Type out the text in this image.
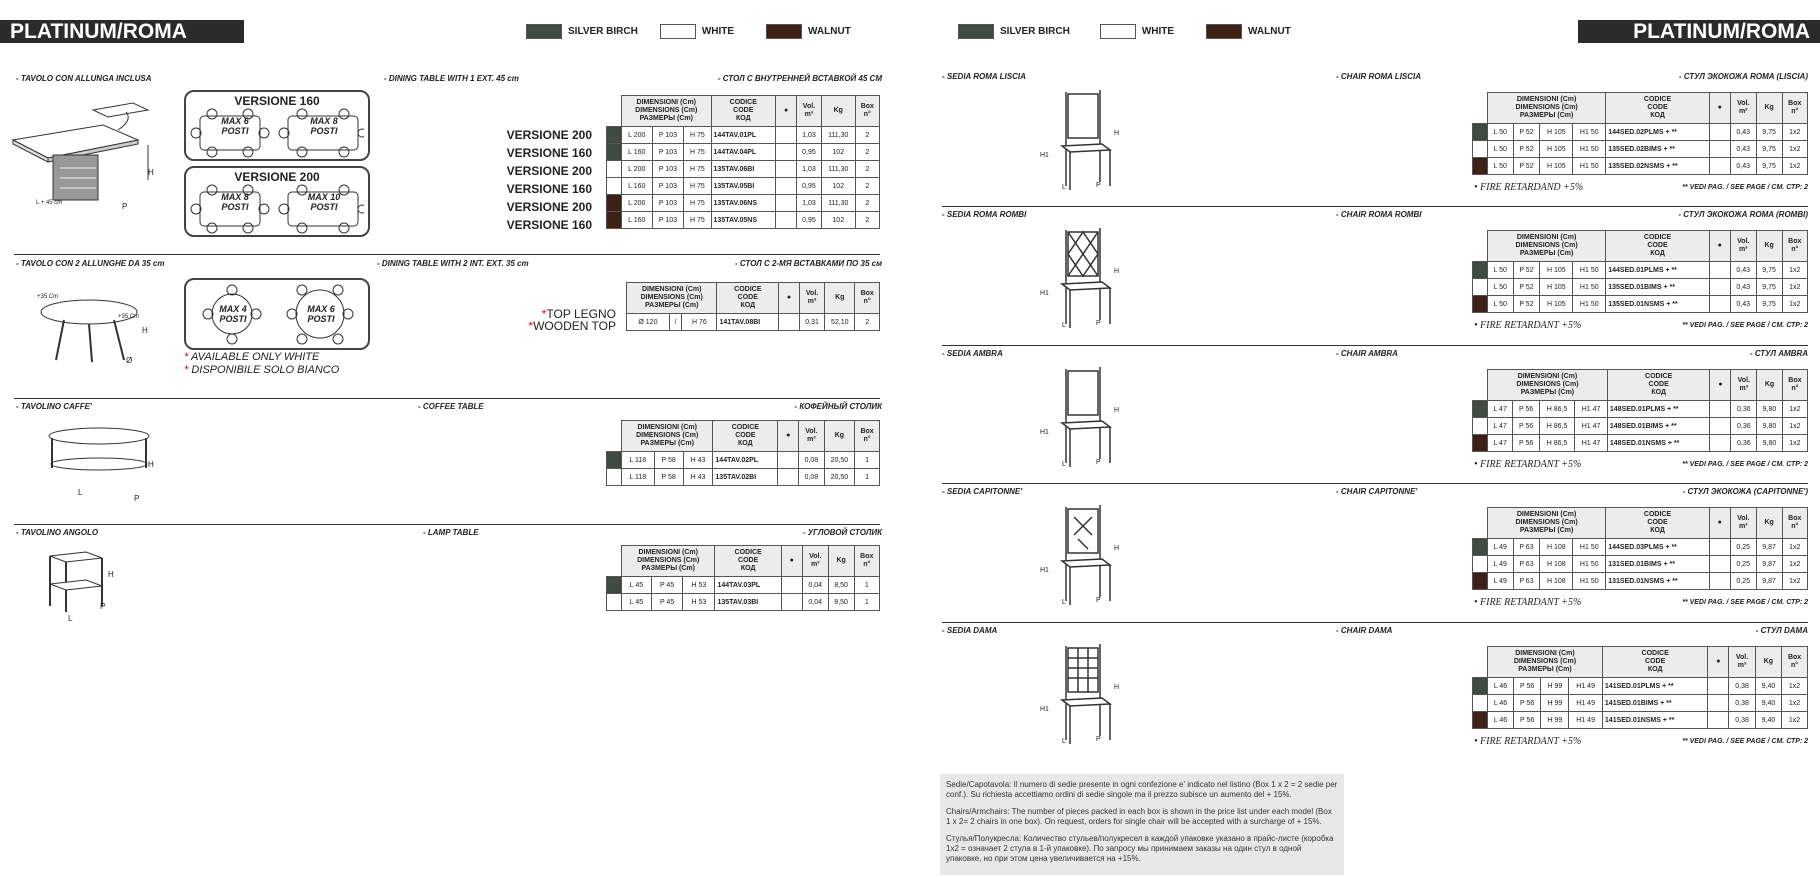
PLATINUM/ROMA DAY
SILVER BIRCH	WHITE	WALNUT
- TAVOLO CON ALLUNGA INCLUSA	- DINING TABLE WITH 1 EXT. 45 cm	- СТОЛ С ВНУТРЕННЕЙ ВСТАВКОЙ 45 СМ
H
P
L + 45 cm
VERSIONE 160
MAX 6 POSTI
MAX 8 POSTI
VERSIONE 200
MAX 8 POSTI
MAX 10 POSTI
VERSIONE 200
VERSIONE 160
VERSIONE 200
VERSIONE 160
VERSIONE 200
VERSIONE 160
	DIMENSIONI (Cm)
DIMENSIONS (Cm)
РАЗМЕРЫ (Cm)			CODICE
CODE
КОД	●	Vol.
m³	Kg	Box
n°
	L 200	P 103	H 75	144TAV.01PL		1,03	111,30	2
	L 160	P 103	H 75	144TAV.04PL		0,95	102	2
	L 200	P 103	H 75	135TAV.06BI		1,03	111,30	2
	L 160	P 103	H 75	135TAV.05BI		0,95	102	2
	L 200	P 103	H 75	135TAV.06NS		1,03	111,30	2
	L 160	P 103	H 75	135TAV.05NS		0,95	102	2
- TAVOLO CON 2 ALLUNGHE DA 35 cm	- DINING TABLE WITH 2 INT. EXT. 35 cm	- СТОЛ С 2-МЯ ВСТАВКАМИ ПО 35 см
+35 Cm
+35 Cm
H
Ø
MAX 4 POSTI
MAX 6 POSTI
* AVAILABLE ONLY WHITE
* DISPONIBILE SOLO BIANCO
*TOP LEGNO
*WOODEN TOP
DIMENSIONI (Cm)
DIMENSIONS (Cm)
РАЗМЕРЫ (Cm)			CODICE
CODE
КОД	●	Vol.
m³	Kg	Box
n°
Ø 120	/	H 76	141TAV.08BI		0,31	52,10	2
- TAVOLINO CAFFE'	- COFFEE TABLE	- КОФЕЙНЫЙ СТОЛИК
H
P
L
	DIMENSIONI (Cm)
DIMENSIONS (Cm)
РАЗМЕРЫ (Cm)			CODICE
CODE
КОД	●	Vol.
m³	Kg	Box
n°
	L 118	P 58	H 43	144TAV.02PL		0,08	20,50	1
	L 118	P 58	H 43	135TAV.02BI		0,08	20,50	1
- TAVOLINO ANGOLO	- LAMP TABLE	- УГЛОВОЙ СТОЛИК
H
P
L
	DIMENSIONI (Cm)
DIMENSIONS (Cm)
РАЗМЕРЫ (Cm)			CODICE
CODE
КОД	●	Vol.
m³	Kg	Box
n°
	L 45	P 45	H 53	144TAV.03PL		0,04	8,50	1
	L 45	P 45	H 53	135TAV.03BI		0,04	8,50	1
SILVER BIRCH	WHITE	WALNUT	PLATINUM/ROMA DAY
- SEDIA ROMA LISCIA	- CHAIR ROMA LISCIA	- СТУЛ ЭКОКОЖА ROMA (LISCIA)
H
H1
L	P
	DIMENSIONI (Cm)
DIMENSIONS (Cm)
РАЗМЕРЫ (Cm)				CODICE
CODE
КОД	●	Vol.
m³	Kg	Box
n°
	L 50	P 52	H 105	H1 50	144SED.02PLMS + **		0,43	9,75	1x2
	L 50	P 52	H 105	H1 50	135SED.02BIMS + **		0,43	9,75	1x2
	L 50	P 52	H 105	H1 50	135SED.02NSMS + **		0,43	9,75	1x2
• FIRE RETARDAND +5%	** VEDI PAG. / SEE PAGE / СМ. СТР: 2
- SEDIA ROMA ROMBI	- CHAIR ROMA ROMBI	- СТУЛ ЭКОКОЖА ROMA (ROMBI)
H
H1
L	P
	DIMENSIONI (Cm)
DIMENSIONS (Cm)
РАЗМЕРЫ (Cm)				CODICE
CODE
КОД	●	Vol.
m³	Kg	Box
n°
	L 50	P 52	H 105	H1 50	144SED.01PLMS + **		0,43	9,75	1x2
	L 50	P 52	H 105	H1 50	135SED.01BIMS + **		0,43	9,75	1x2
	L 50	P 52	H 105	H1 50	135SED.01NSMS + **		0,43	9,75	1x2
• FIRE RETARDANT +5%	** VEDI PAG. / SEE PAGE / СМ. СТР: 2
- SEDIA AMBRA	- CHAIR AMBRA	- СТУЛ AMBRA
H
H1
L	P
	DIMENSIONI (Cm)
DIMENSIONS (Cm)
РАЗМЕРЫ (Cm)				CODICE
CODE
КОД	●	Vol.
m³	Kg	Box
n°
	L 47	P 56	H 86,5	H1 47	148SED.01PLMS + **		0,36	9,80	1x2
	L 47	P 56	H 86,5	H1 47	148SED.01BIMS + **		0,36	9,80	1x2
	L 47	P 56	H 86,5	H1 47	148SED.01NSMS + **		0,36	9,80	1x2
• FIRE RETARDANT +5%	** VEDI PAG. / SEE PAGE / СМ. СТР: 2
- SEDIA CAPITONNE'	- CHAIR CAPITONNE'	- СТУЛ ЭКОКОЖА (CAPITONNE')
H
H1
L	P
	DIMENSIONI (Cm)
DIMENSIONS (Cm)
РАЗМЕРЫ (Cm)				CODICE
CODE
КОД	●	Vol.
m³	Kg	Box
n°
	L 49	P 63	H 108	H1 50	144SED.03PLMS + **		0,25	9,87	1x2
	L 49	P 63	H 108	H1 50	131SED.01BIMS + **		0,25	9,87	1x2
	L 49	P 63	H 108	H1 50	131SED.01NSMS + **		0,25	9,87	1x2
• FIRE RETARDANT +5%	** VEDI PAG. / SEE PAGE / СМ. СТР: 2
- SEDIA DAMA	- CHAIR DAMA	- СТУЛ DAMA
H
H1
L	P
	DIMENSIONI (Cm)
DIMENSIONS (Cm)
РАЗМЕРЫ (Cm)				CODICE
CODE
КОД	●	Vol.
m³	Kg	Box
n°
	L 46	P 56	H 99	H1 49	141SED.01PLMS + **		0,38	9,40	1x2
	L 46	P 56	H 99	H1 49	141SED.01BIMS + **		0,38	9,40	1x2
	L 46	P 56	H 99	H1 49	141SED.01NSMS + **		0,38	9,40	1x2
• FIRE RETARDANT +5%	** VEDI PAG. / SEE PAGE / СМ. СТР: 2

Sedie/Capotavola: Il numero di sedie presente in ogni confezione e' indicato nel listino (Box 1 x 2 = 2 sedie per conf.). Su richiesta accettiamo ordini di sedie singole ma il prezzo subisce un aumento del + 15%.

Chairs/Armchairs: The number of pieces packed in each box is shown in the price list under each model (Box 1 x 2= 2 chairs in one box). On request, orders for single chair will be accepted with a surcharge of + 15%.

Стулья/Полукресла: Количество стульев/полукресел в каждой упаковке указано в прайс-листе (коробка 1x2 = означает 2 стула в 1-й упаковке). По запросу мы принимаем заказы на один стул в одной упаковке, но при этом цена увеличивается на +15%.
